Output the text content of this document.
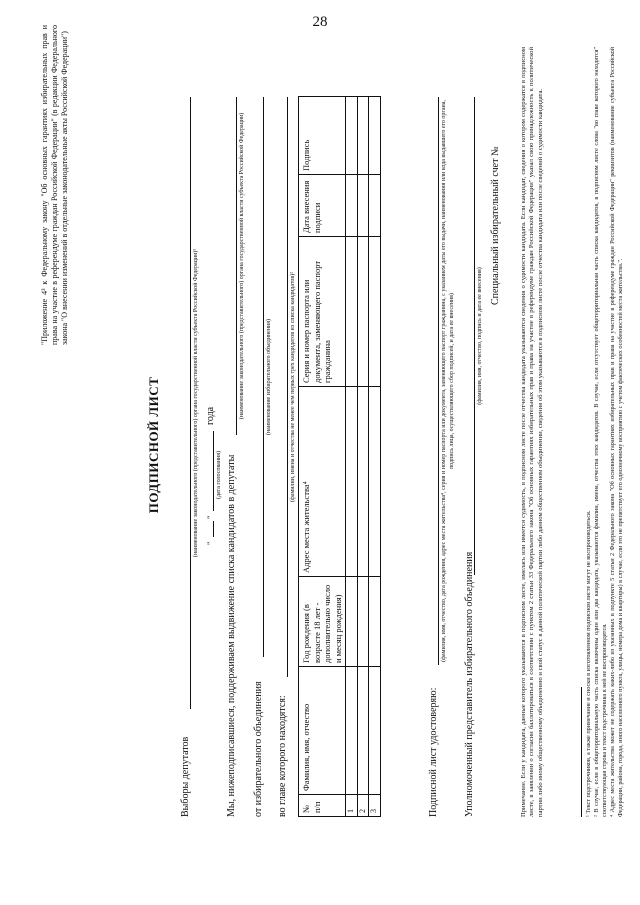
28
"Приложение 4³ к Федеральному закону "Об основных гарантиях избирательных прав и права на участие в референдуме граждан Российской Федерации" (в редакции Федерального закона "О внесении изменений в отдельные законодательные акты Российской Федерации")
ПОДПИСНОЙ ЛИСТ
Выборы депутатов
(наименование законодательного (представительного) органа государственной власти субъекта Российской Федерации)¹ "
"
года
(дата голосования) Мы, нижеподписавшиеся, поддерживаем выдвижение списка кандидатов в депутаты
(наименование законодательного (представительного) органа государственной власти субъекта Российской Федерации)
от избирательного объединения
(наименование избирательного объединения)
во главе которого находятся:
(фамилии, имена и отчества не менее чем первых трех кандидатов из списка кандидатов)²
№ п/п	Фамилия, имя, отчество	Год рождения (в возрасте 18 лет - дополнительно число и месяц рождения)	Адрес места жительства⁴	Серия и номер паспорта или документа, заменяющего паспорт гражданина	Дата внесения подписи	Подпись
1						
2						
3							Подписной лист удостоверяю:
(фамилия, имя, отчество, дата рождения, адрес места жительства⁴, серия и номер паспорта или документа, заменяющего паспорт гражданина, с указанием даты его выдачи, наименования или кода выдавшего его органа, подпись лица, осуществляющего сбор подписей, и дата ее внесения)
Уполномоченный представитель избирательного объединения
(фамилия, имя, отчество, подпись и дата ее внесения)
Специальный избирательный счет №	Примечание. Если у кандидата, данные которого указываются в подписном листе, имелась или имеется судимость, в подписном листе после отчества кандидата указываются сведения о судимости кандидата. Если кандидат, сведения о котором содержатся в подписном листе, в заявлении о согласии баллотироваться в соответствии с пунктом 2 статьи 33 Федерального закона "Об основных гарантиях избирательных прав и права на участие в референдуме граждан Российской Федерации" указал свою принадлежность к политической партии либо иному общественному объединению и свой статус в данной политической партии либо данном общественном объединении, сведения об этом указываются в подписном листе после отчества кандидата или после сведений о судимости кандидата.	¹ Текст подстрочников, а также примечание и сноски в изготовленном подписном листе могут не воспроизводиться. ² В случае, если в общетерриториальную часть списка включены один или два кандидата, указываются фамилии, имена, отчества этих кандидатов. В случае, если отсутствует общетерриториальная часть списка кандидатов, в подписном листе слова "во главе которого находятся" соответствующая строка и текст подстрочника к ней не воспроизводятся. ⁴ Адрес места жительства может не содержать каких-либо из указанных в подпункте 5 статьи 2 Федерального закона "Об основных гарантиях избирательных прав и права на участие в референдуме граждан Российской Федерации" реквизитов (наименование субъекта Российской Федерации, района, города, иного населенного пункта, улицы, номера дома и квартиры) в случае, если это не препятствует его однозначному восприятию с учетом фактических особенностей места жительства.".
